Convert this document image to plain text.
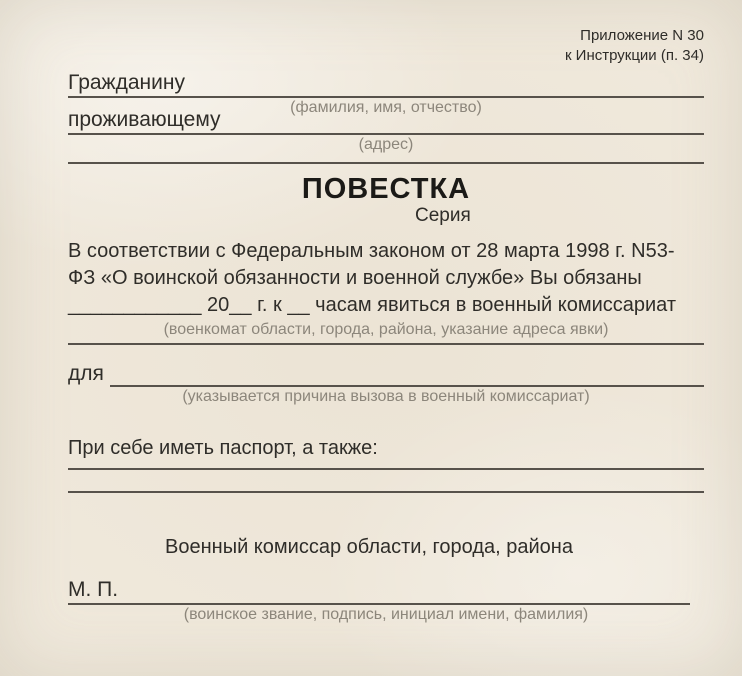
Приложение N 30
к Инструкции (п. 34)
Гражданину
(фамилия, имя, отчество)
проживающему
(адрес)
ПОВЕСТКА
Серия

В соответствии с Федеральным законом от 28 марта 1998 г. N53-

ФЗ «О воинской обязанности и военной службе» Вы обязаны

____________ 20__ г. к __ часам явиться в военный комиссариат

(военкомат области, города, района, указание адреса явки)
для
(указывается причина вызова в военный комиссариат)

При себе иметь паспорт, а также:

Военный комиссар области, города, района
М. П.
(воинское звание, подпись, инициал имени, фамилия)
